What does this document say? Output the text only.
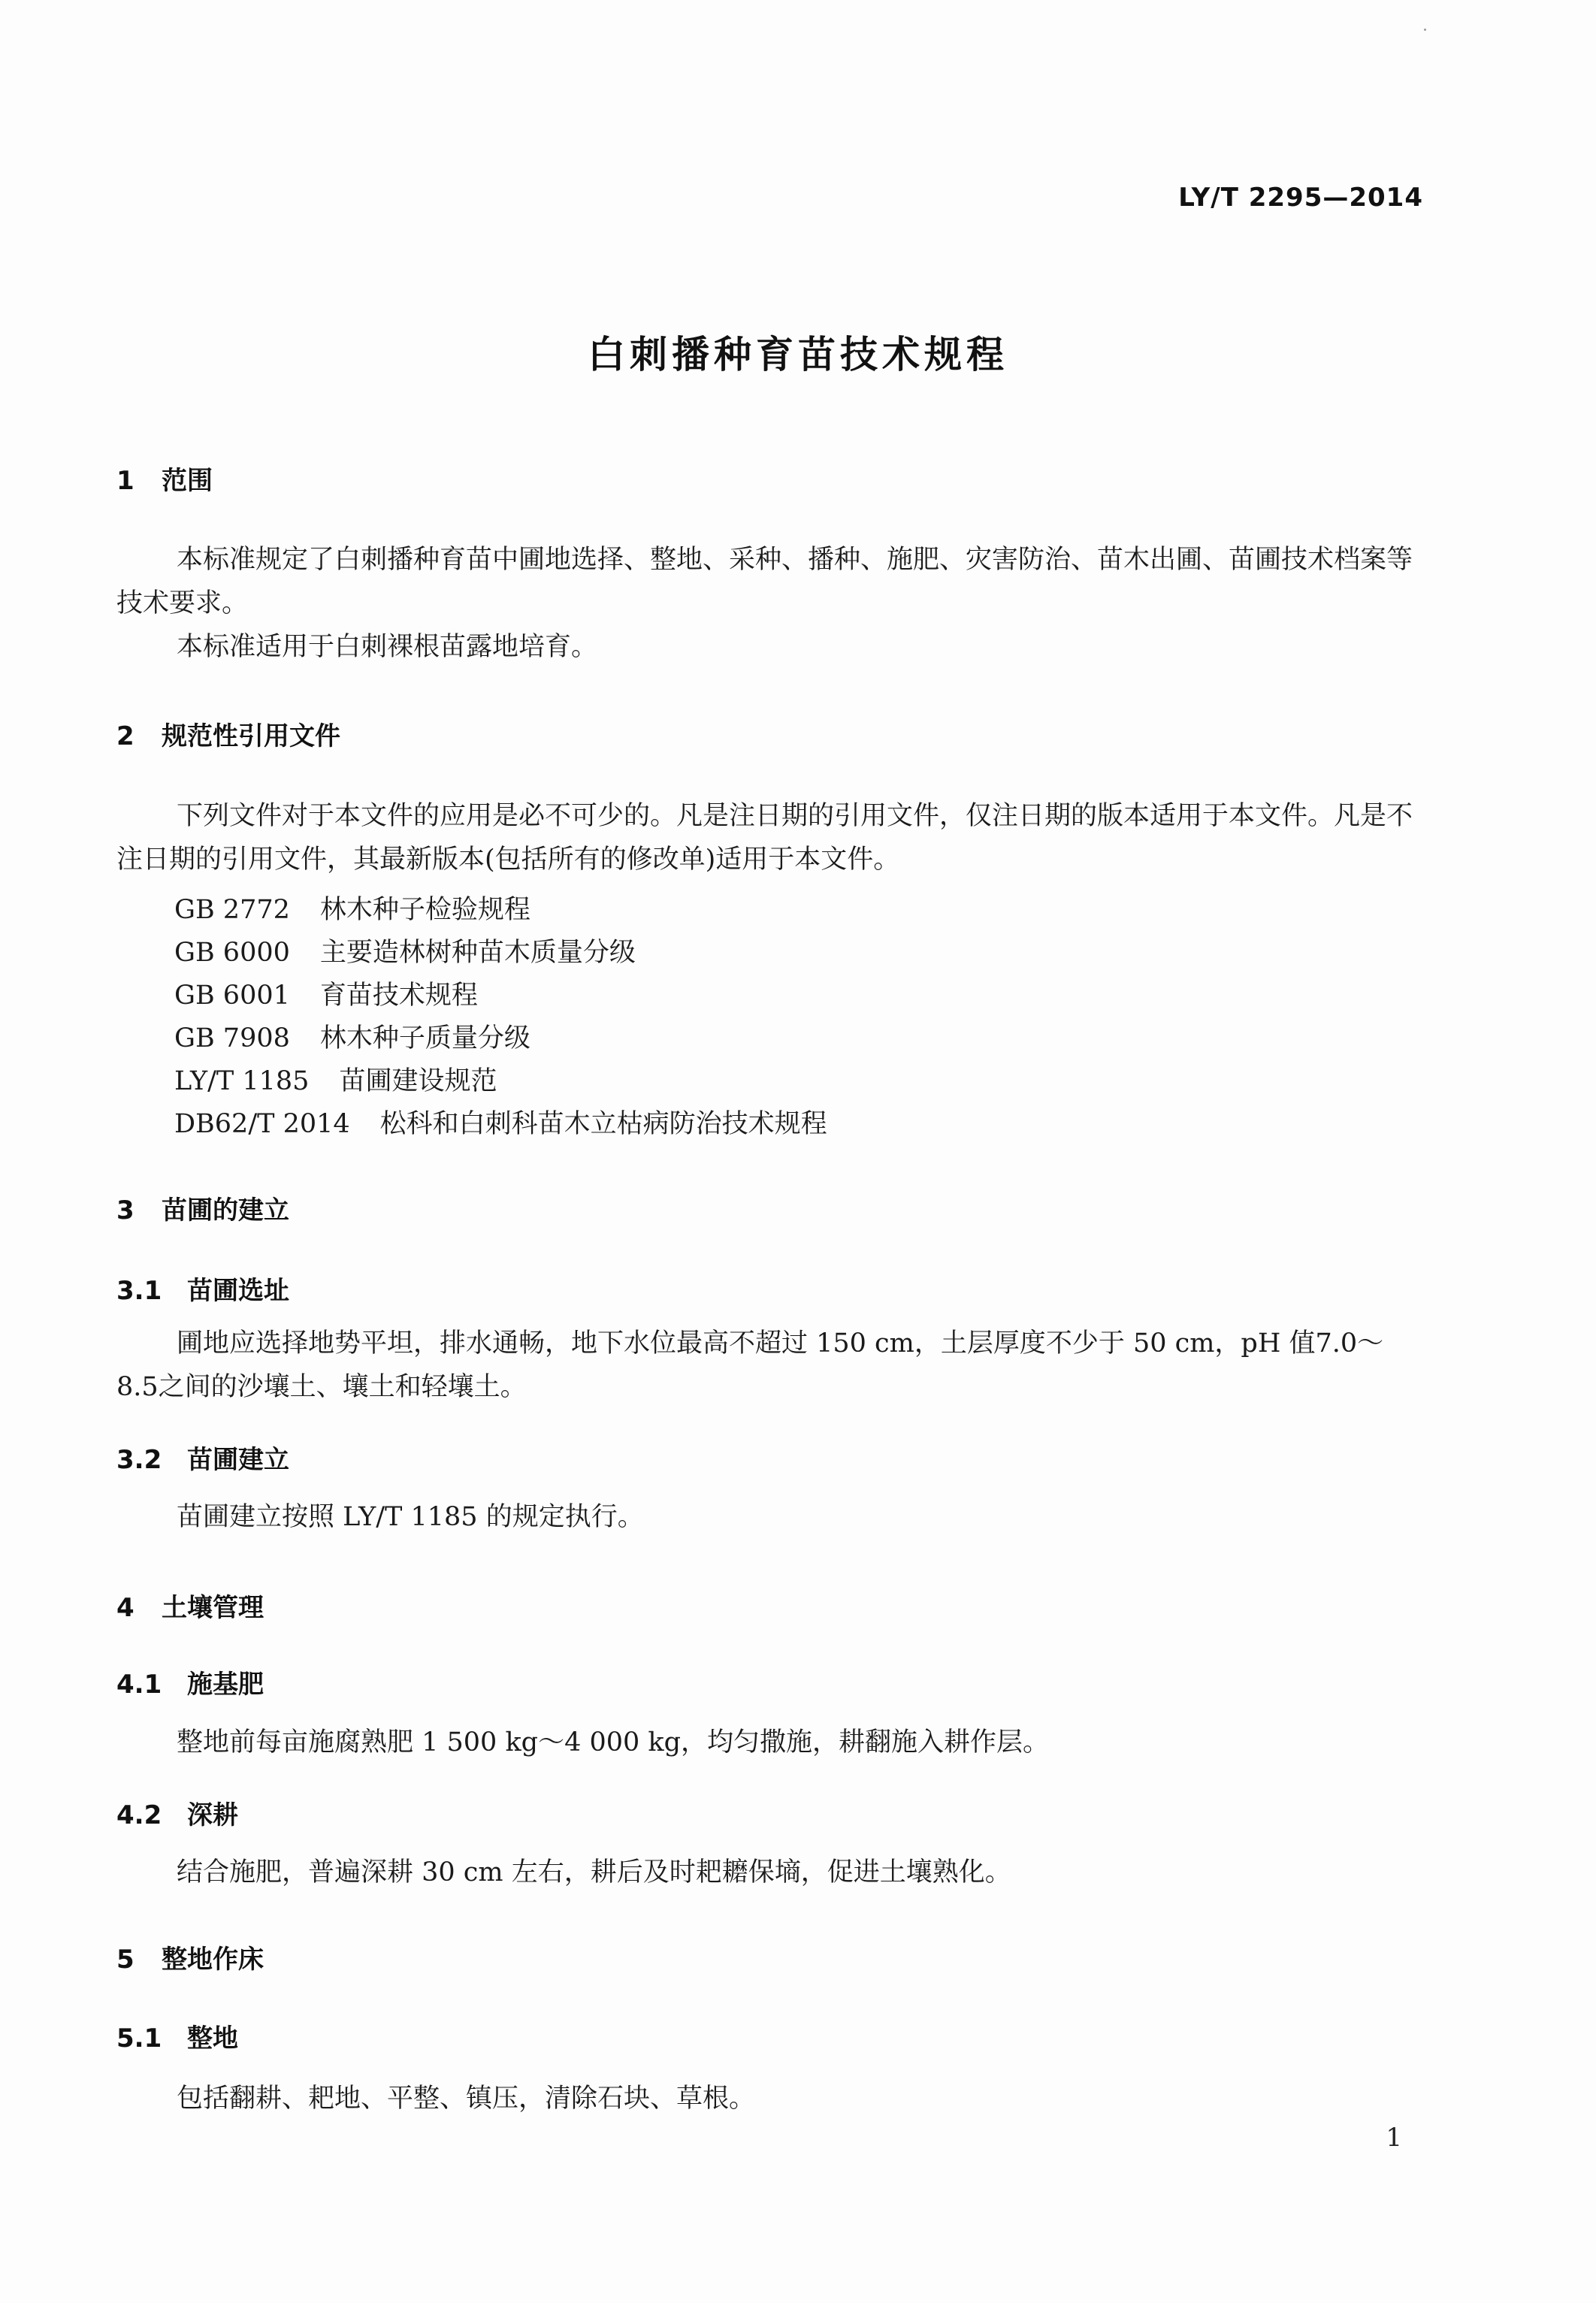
LY/T 2295—2014
白刺播种育苗技术规程
1 范围
本标准规定了白刺播种育苗中圃地选择、整地、采种、播种、施肥、灾害防治、苗木出圃、苗圃技术档案等技术要求。
本标准适用于白刺裸根苗露地培育。
2 规范性引用文件
下列文件对于本文件的应用是必不可少的。凡是注日期的引用文件，仅注日期的版本适用于本文件。凡是不注日期的引用文件，其最新版本(包括所有的修改单)适用于本文件。
GB 2772 林木种子检验规程
GB 6000 主要造林树种苗木质量分级
GB 6001 育苗技术规程
GB 7908 林木种子质量分级
LY/T 1185 苗圃建设规范
DB62/T 2014 松科和白刺科苗木立枯病防治技术规程
3 苗圃的建立
3.1 苗圃选址
圃地应选择地势平坦，排水通畅，地下水位最高不超过 150 cm，土层厚度不少于 50 cm，pH 值7.0～8.5之间的沙壤土、壤土和轻壤土。
3.2 苗圃建立
苗圃建立按照 LY/T 1185 的规定执行。
4 土壤管理
4.1 施基肥
整地前每亩施腐熟肥 1 500 kg～4 000 kg，均匀撒施，耕翻施入耕作层。
4.2 深耕
结合施肥，普遍深耕 30 cm 左右，耕后及时耙耱保墒，促进土壤熟化。
5 整地作床
5.1 整地
包括翻耕、耙地、平整、镇压，清除石块、草根。
1
